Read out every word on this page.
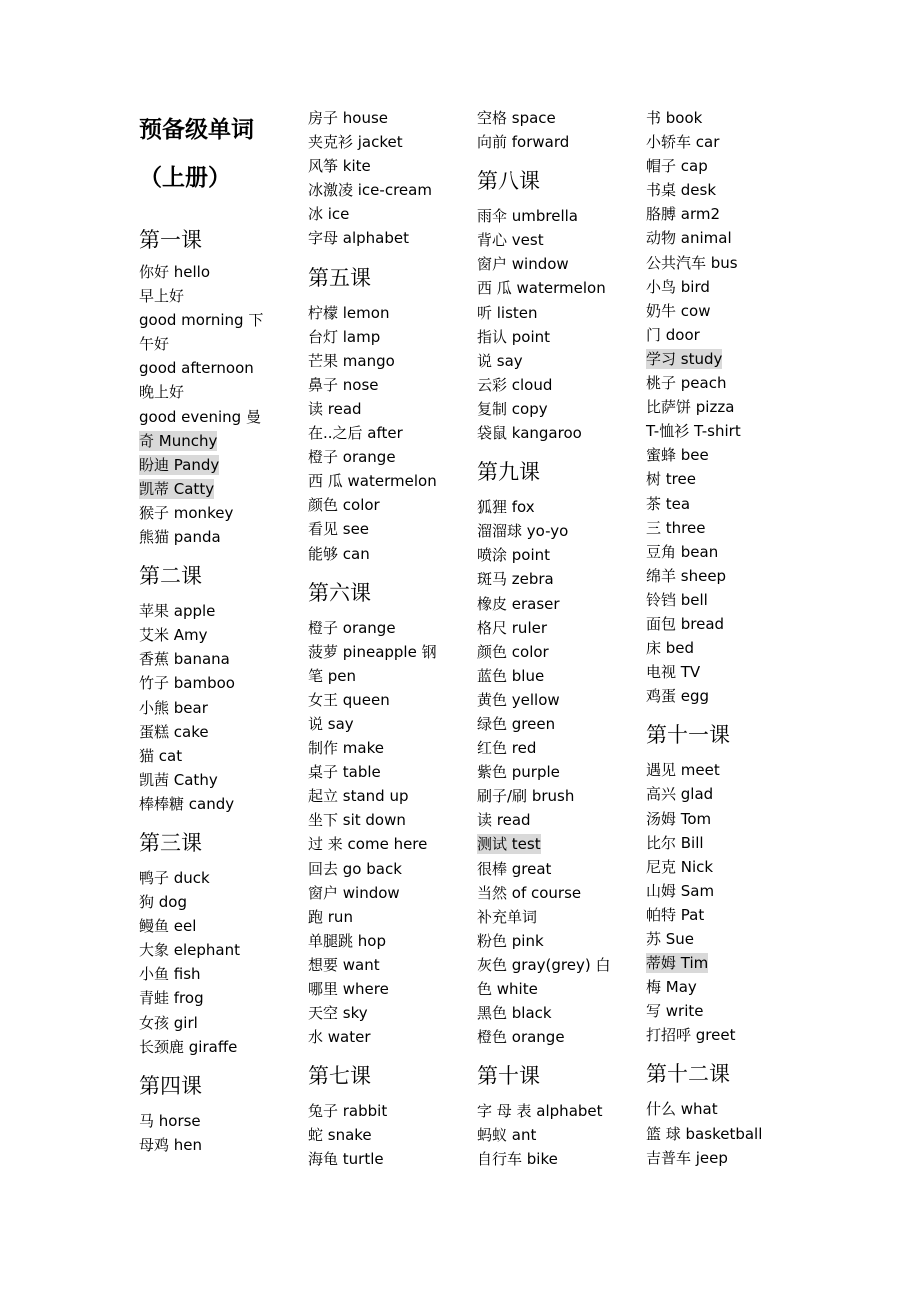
预备级单词
（上册）
第一课
你好 hello
早上好
good morning 下
午好
good afternoon
晚上好
good evening 曼
奇 Munchy
盼迪 Pandy
凯蒂 Catty
猴子 monkey
熊猫 panda
第二课
苹果 apple
艾米 Amy
香蕉 banana
竹子 bamboo
小熊 bear
蛋糕 cake
猫 cat
凯茜 Cathy
棒棒糖 candy
第三课
鸭子 duck
狗 dog
鳗鱼 eel
大象 elephant
小鱼 fish
青蛙 frog
女孩 girl
长颈鹿 giraffe
第四课
马 horse
母鸡 hen
房子 house
夹克衫 jacket
风筝 kite
冰激凌 ice-cream
冰 ice
字母 alphabet
第五课
柠檬 lemon
台灯 lamp
芒果 mango
鼻子 nose
读 read
在..之后 after
橙子 orange
西 瓜 watermelon
颜色 color
看见 see
能够 can
第六课
橙子 orange
菠萝 pineapple 钢
笔 pen
女王 queen
说 say
制作 make
桌子 table
起立 stand up
坐下 sit down
过 来 come here
回去 go back
窗户 window
跑 run
单腿跳 hop
想要 want
哪里 where
天空 sky
水 water
第七课
兔子 rabbit
蛇 snake
海龟 turtle
空格 space
向前 forward
第八课
雨伞 umbrella
背心 vest
窗户 window
西 瓜 watermelon
听 listen
指认 point
说 say
云彩 cloud
复制 copy
袋鼠 kangaroo
第九课
狐狸 fox
溜溜球 yo-yo
喷涂 point
斑马 zebra
橡皮 eraser
格尺 ruler
颜色 color
蓝色 blue
黄色 yellow
绿色 green
红色 red
紫色 purple
刷子/刷 brush
读 read
测试 test
很棒 great
当然 of course
补充单词
粉色 pink
灰色 gray(grey) 白
色 white
黑色 black
橙色 orange
第十课
字 母 表 alphabet
蚂蚁 ant
自行车 bike
书 book
小轿车 car
帽子 cap
书桌 desk
胳膊 arm2
动物 animal
公共汽车 bus
小鸟 bird
奶牛 cow
门 door
学习 study
桃子 peach
比萨饼 pizza
T-恤衫 T-shirt
蜜蜂 bee
树 tree
茶 tea
三 three
豆角 bean
绵羊 sheep
铃铛 bell
面包 bread
床 bed
电视 TV
鸡蛋 egg
第十一课
遇见 meet
高兴 glad
汤姆 Tom
比尔 Bill
尼克 Nick
山姆 Sam
帕特 Pat
苏 Sue
蒂姆 Tim
梅 May
写 write
打招呼 greet
第十二课
什么 what
篮 球 basketball
吉普车 jeep
